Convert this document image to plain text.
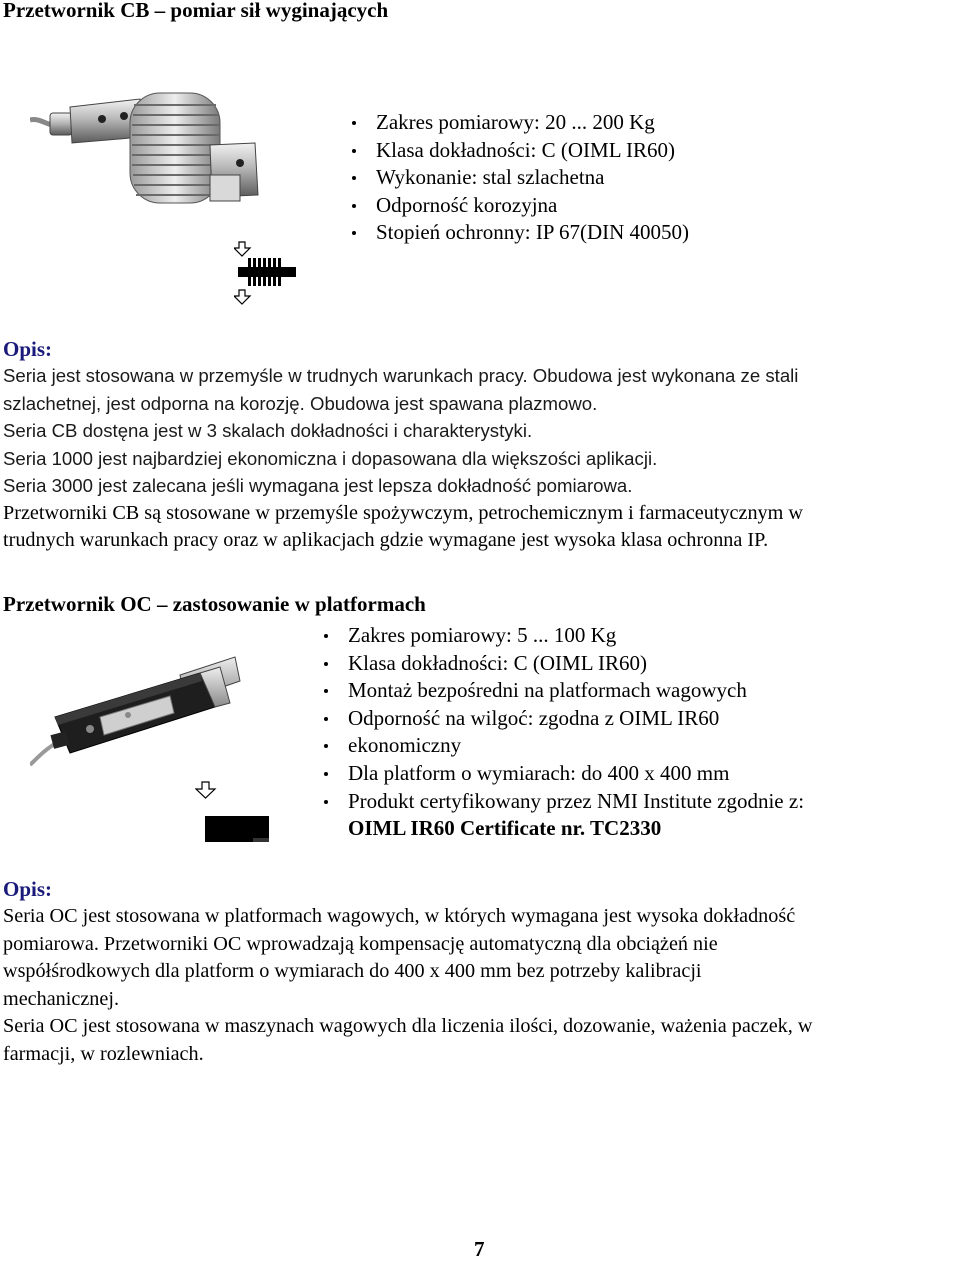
Przetwornik CB – pomiar sił wyginających
Zakres pomiarowy: 20 ... 200 Kg
Klasa dokładności: C (OIML IR60)
Wykonanie: stal szlachetna
Odporność korozyjna
Stopień ochronny: IP 67(DIN 40050)
Opis:
Seria jest stosowana w przemyśle w trudnych warunkach pracy. Obudowa jest wykonana ze stali
szlachetnej, jest odporna na korozję. Obudowa jest spawana plazmowo.
Seria CB dostęna jest w 3 skalach dokładności i charakterystyki.
Seria 1000 jest najbardziej ekonomiczna i dopasowana dla większości aplikacji.
Seria 3000 jest zalecana jeśli wymagana jest lepsza dokładność pomiarowa.
Przetworniki CB są stosowane w przemyśle spożywczym, petrochemicznym i farmaceutycznym w
trudnych warunkach pracy oraz w aplikacjach gdzie wymagane jest wysoka klasa ochronna IP.
Przetwornik OC – zastosowanie w platformach
Zakres pomiarowy: 5 ... 100 Kg
Klasa dokładności: C (OIML IR60)
Montaż bezpośredni na platformach wagowych
Odporność na wilgoć: zgodna z OIML IR60
ekonomiczny
Dla platform o wymiarach: do 400 x 400 mm
Produkt certyfikowany przez NMI Institute zgodnie z:
OIML IR60 Certificate nr. TC2330
Opis:
Seria OC jest stosowana w platformach wagowych, w których wymagana jest wysoka dokładność
pomiarowa. Przetworniki OC wprowadzają kompensację automatyczną dla obciążeń nie
współśrodkowych dla platform o wymiarach do 400 x 400 mm bez potrzeby kalibracji
mechanicznej.
Seria OC jest stosowana w maszynach wagowych dla liczenia ilości, dozowanie, ważenia paczek, w
farmacji, w rozlewniach.
7
